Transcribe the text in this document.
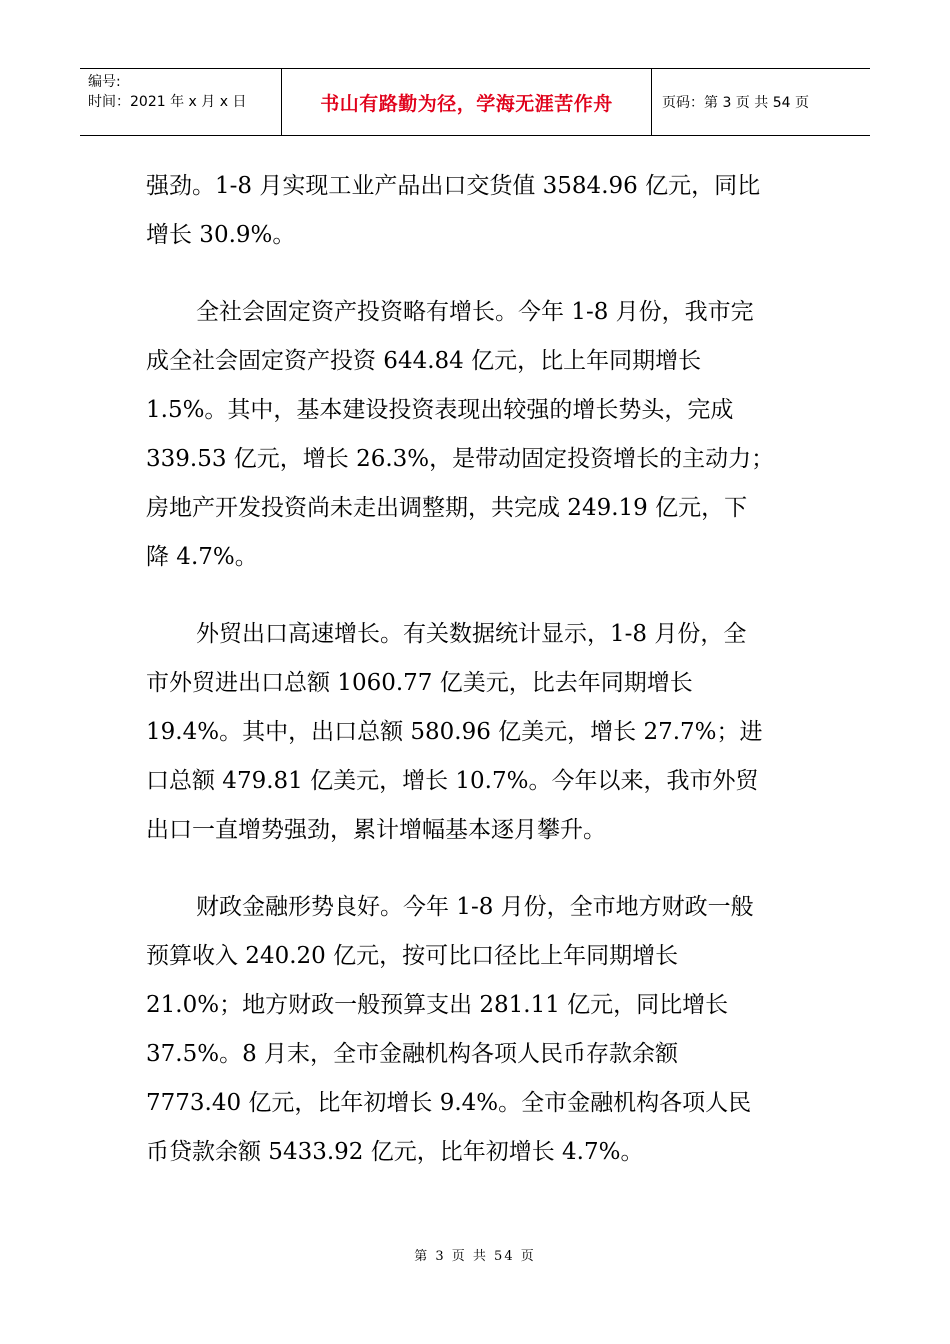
编号:
时间：2021 年 x 月 x 日	书山有路勤为径，学海无涯苦作舟	页码：第 3 页 共 54 页
强劲。1-8 月实现工业产品出口交货值 3584.96 亿元，同比
增长 30.9%。
全社会固定资产投资略有增长。今年 1-8 月份，我市完
成全社会固定资产投资 644.84 亿元，比上年同期增长
1.5%。其中，基本建设投资表现出较强的增长势头，完成
339.53 亿元，增长 26.3%，是带动固定投资增长的主动力；
房地产开发投资尚未走出调整期，共完成 249.19 亿元，下
降 4.7%。
外贸出口高速增长。有关数据统计显示，1-8 月份，全
市外贸进出口总额 1060.77 亿美元，比去年同期增长
19.4%。其中，出口总额 580.96 亿美元，增长 27.7%；进
口总额 479.81 亿美元，增长 10.7%。今年以来，我市外贸
出口一直增势强劲，累计增幅基本逐月攀升。
财政金融形势良好。今年 1-8 月份，全市地方财政一般
预算收入 240.20 亿元，按可比口径比上年同期增长
21.0%；地方财政一般预算支出 281.11 亿元，同比增长
37.5%。8 月末，全市金融机构各项人民币存款余额
7773.40 亿元，比年初增长 9.4%。全市金融机构各项人民
币贷款余额 5433.92 亿元，比年初增长 4.7%。
第 3 页 共 54 页
